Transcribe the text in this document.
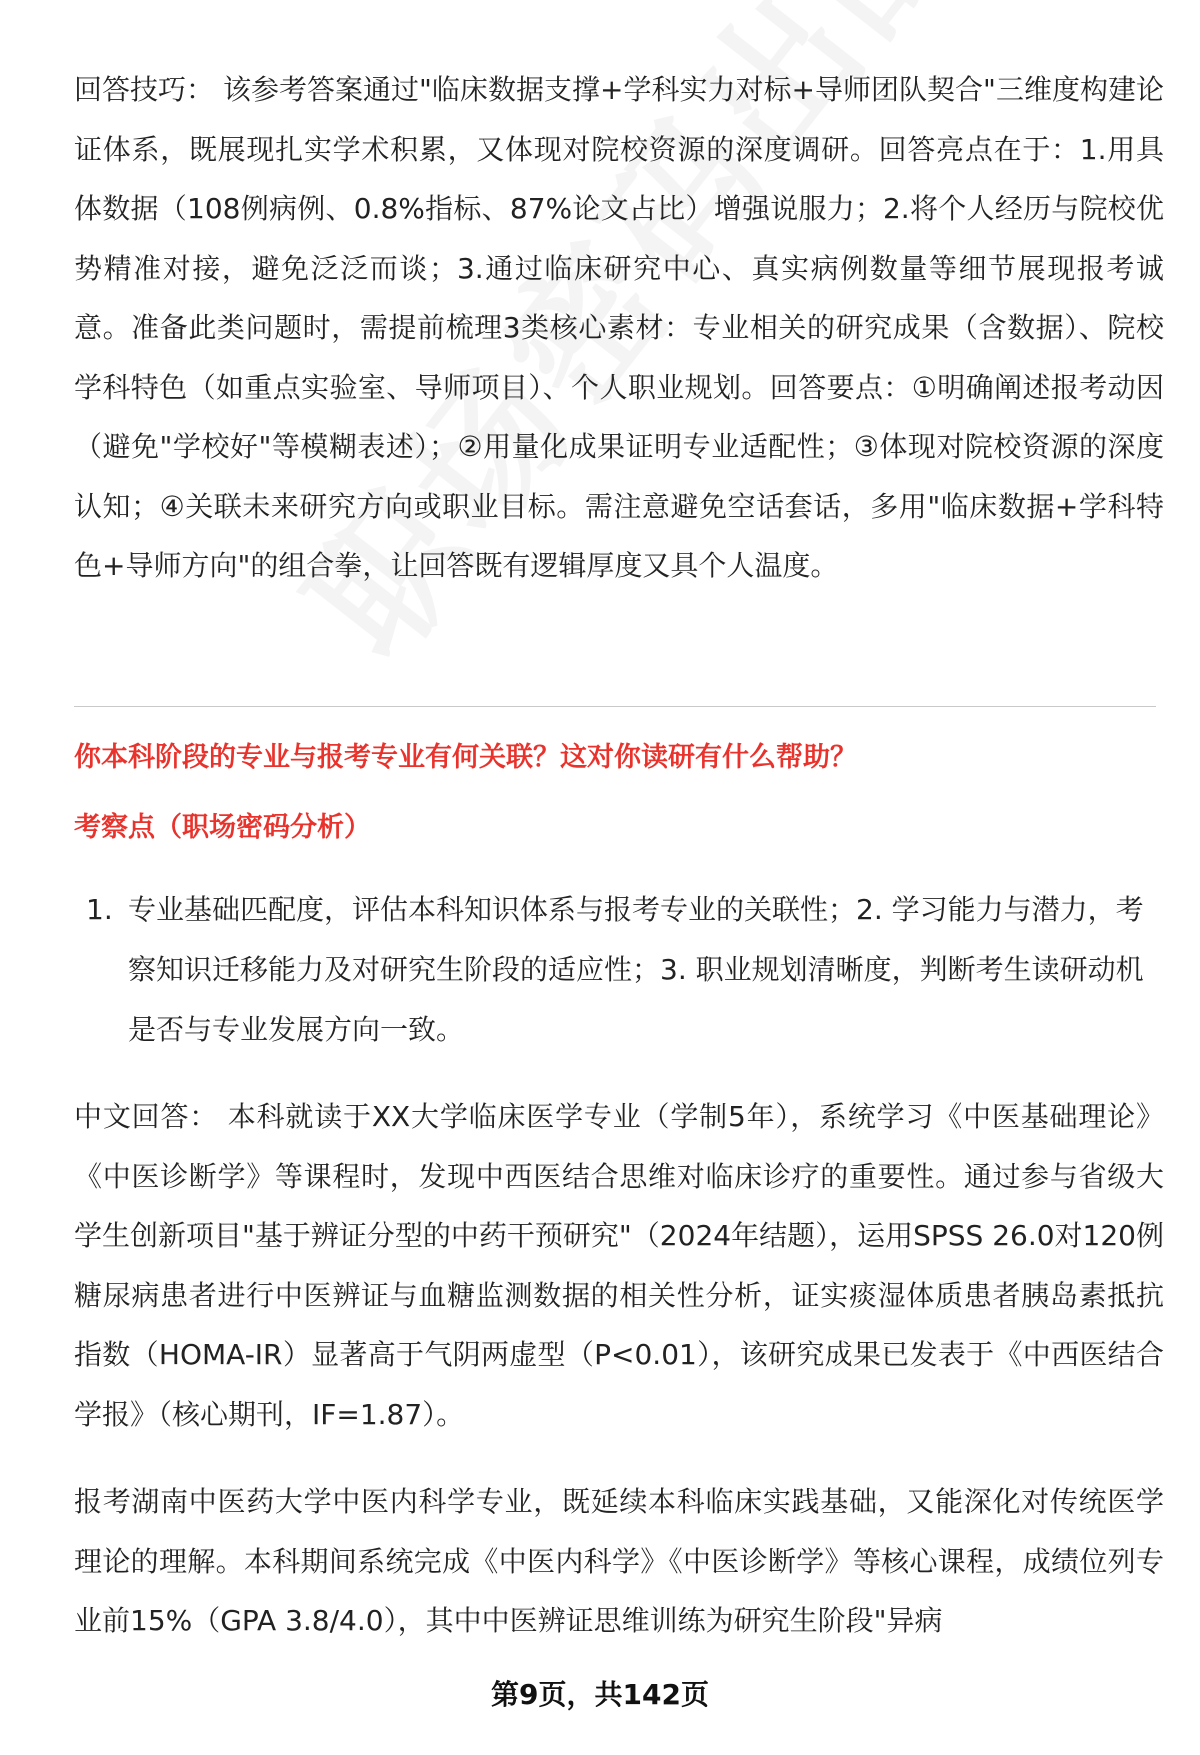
回答技巧： 该参考答案通过"临床数据支撑+学科实力对标+导师团队契合"三维度构建论证体系，既展现扎实学术积累，又体现对院校资源的深度调研。回答亮点在于：1.用具体数据（108例病例、0.8%指标、87%论文占比）增强说服力；2.将个人经历与院校优势精准对接，避免泛泛而谈；3.通过临床研究中心、真实病例数量等细节展现报考诚意。准备此类问题时，需提前梳理3类核心素材：专业相关的研究成果（含数据）、院校学科特色（如重点实验室、导师项目）、个人职业规划。回答要点：①明确阐述报考动因（避免"学校好"等模糊表述）；②用量化成果证明专业适配性；③体现对院校资源的深度认知；④关联未来研究方向或职业目标。需注意避免空话套话，多用"临床数据+学科特色+导师方向"的组合拳，让回答既有逻辑厚度又具个人温度。

你本科阶段的专业与报考专业有何关联？这对你读研有什么帮助？
考察点（职场密码分析）
1. 专业基础匹配度，评估本科知识体系与报考专业的关联性；2. 学习能力与潜力，考察知识迁移能力及对研究生阶段的适应性；3. 职业规划清晰度，判断考生读研动机是否与专业发展方向一致。

中文回答： 本科就读于XX大学临床医学专业（学制5年），系统学习《中医基础理论》《中医诊断学》等课程时，发现中西医结合思维对临床诊疗的重要性。通过参与省级大学生创新项目"基于辨证分型的中药干预研究"（2024年结题），运用SPSS 26.0对120例糖尿病患者进行中医辨证与血糖监测数据的相关性分析，证实痰湿体质患者胰岛素抵抗指数（HOMA-IR）显著高于气阴两虚型（P<0.01），该研究成果已发表于《中西医结合学报》（核心期刊，IF=1.87）。

报考湖南中医药大学中医内科学专业，既延续本科临床实践基础，又能深化对传统医学理论的理解。本科期间系统完成《中医内科学》《中医诊断学》等核心课程，成绩位列专业前15%（GPA 3.8/4.0），其中中医辨证思维训练为研究生阶段"异病

第9页，共142页
